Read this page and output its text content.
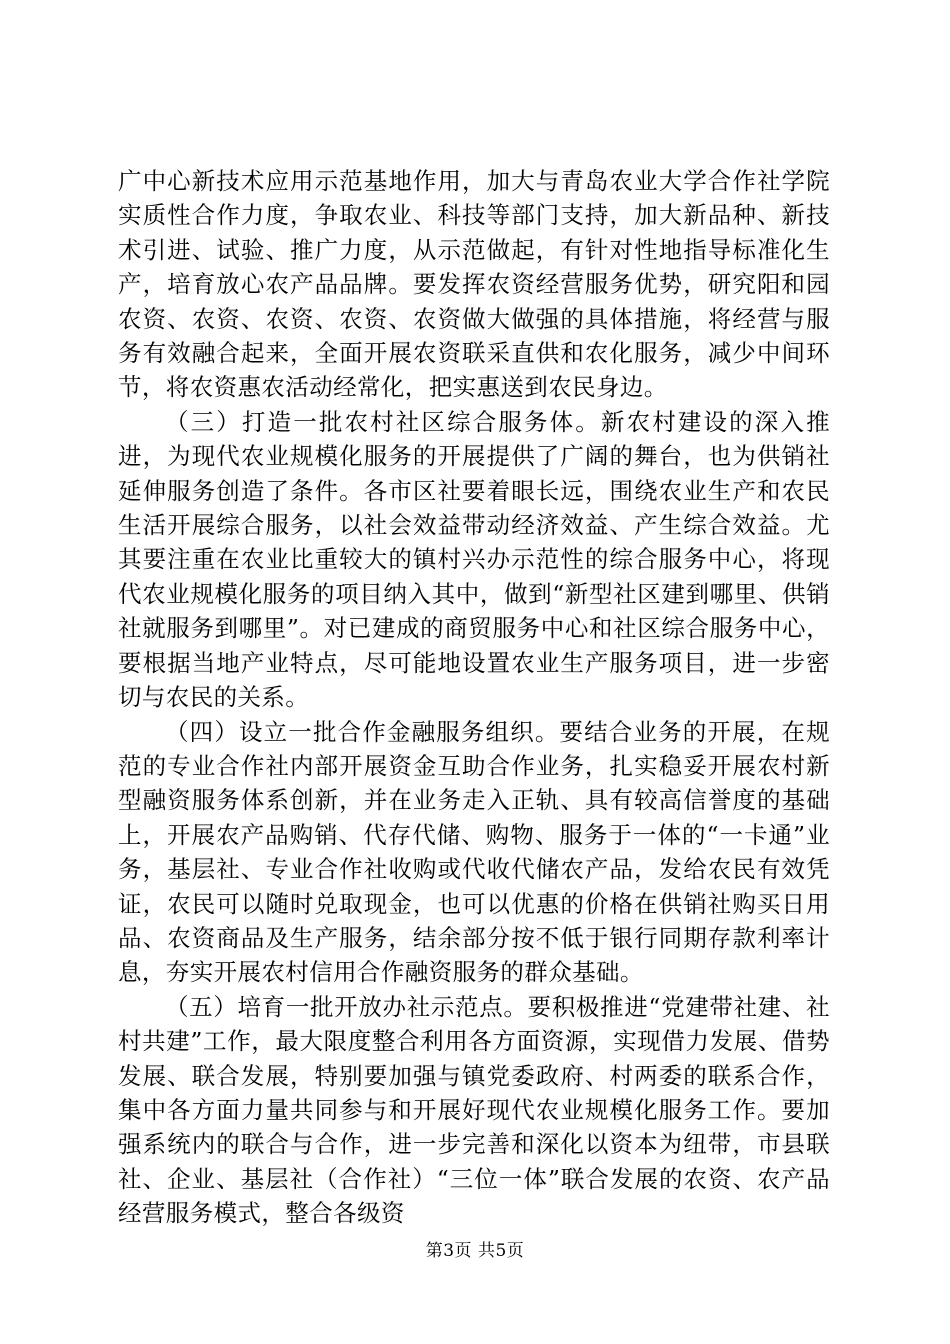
广中心新技术应用示范基地作用，加大与青岛农业大学合作社学院实质性合作力度，争取农业、科技等部门支持，加大新品种、新技术引进、试验、推广力度，从示范做起，有针对性地指导标准化生产，培育放心农产品品牌。要发挥农资经营服务优势，研究阳和园农资、农资、农资、农资、农资做大做强的具体措施，将经营与服务有效融合起来，全面开展农资联采直供和农化服务，减少中间环节，将农资惠农活动经常化，把实惠送到农民身边。

（三）打造一批农村社区综合服务体。新农村建设的深入推进，为现代农业规模化服务的开展提供了广阔的舞台，也为供销社延伸服务创造了条件。各市区社要着眼长远，围绕农业生产和农民生活开展综合服务，以社会效益带动经济效益、产生综合效益。尤其要注重在农业比重较大的镇村兴办示范性的综合服务中心，将现代农业规模化服务的项目纳入其中，做到“新型社区建到哪里、供销社就服务到哪里”。对已建成的商贸服务中心和社区综合服务中心，要根据当地产业特点，尽可能地设置农业生产服务项目，进一步密切与农民的关系。

（四）设立一批合作金融服务组织。要结合业务的开展，在规范的专业合作社内部开展资金互助合作业务，扎实稳妥开展农村新型融资服务体系创新，并在业务走入正轨、具有较高信誉度的基础上，开展农产品购销、代存代储、购物、服务于一体的“一卡通”业务，基层社、专业合作社收购或代收代储农产品，发给农民有效凭证，农民可以随时兑取现金，也可以优惠的价格在供销社购买日用品、农资商品及生产服务，结余部分按不低于银行同期存款利率计息，夯实开展农村信用合作融资服务的群众基础。

（五）培育一批开放办社示范点。要积极推进“党建带社建、社村共建”工作，最大限度整合利用各方面资源，实现借力发展、借势发展、联合发展，特别要加强与镇党委政府、村两委的联系合作，集中各方面力量共同参与和开展好现代农业规模化服务工作。要加强系统内的联合与合作，进一步完善和深化以资本为纽带，市县联社、企业、基层社（合作社）“三位一体”联合发展的农资、农产品经营服务模式，整合各级资

第3页 共5页
